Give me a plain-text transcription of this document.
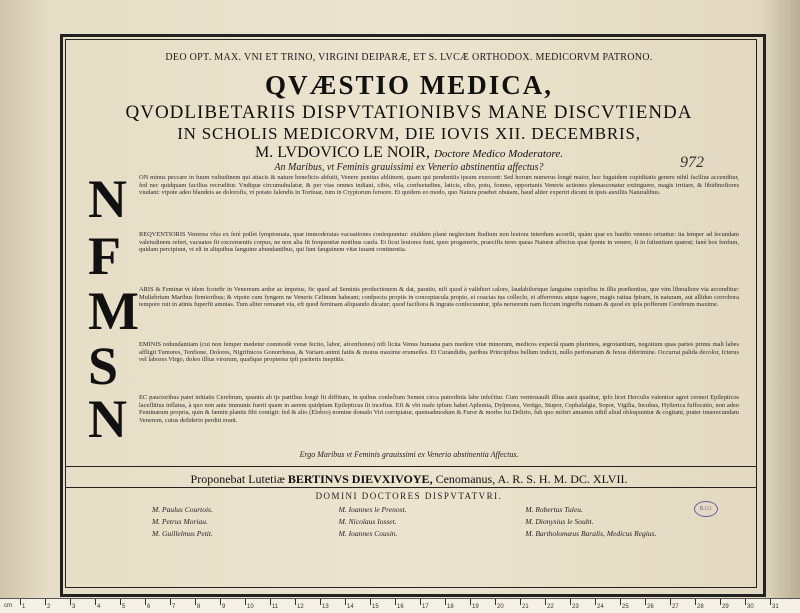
DEO OPT. MAX. VNI ET TRINO, VIRGINI DEIPARÆ, ET S. LVCÆ ORTHODOX. MEDICORVM PATRONO.
QVÆSTIO MEDICA,
QVODLIBETARIIS DISPVTATIONIBVS MANE DISCVTIENDA
IN SCHOLIS MEDICORVM, DIE IOVIS XII. DECEMBRIS,
M. LVDOVICO LE NOIR, Doctore Medico Moderatore.
An Maribus, vt Feminis grauissimi ex Venerio abstinentia affectus?	972
N ON minus peccare in fuum vultudinem qui attacis & nature beneficio abfutit, Venere penitus abltinent, quam qui pendentiis ipsum exercent: Sed horum numerus longè maior, hoc fuguidem cupiditatis genere nihil facilius accenditur, fed nec quidquam facilius recruditur. Vndique circumuhulatur, & per vias omnes indiani, cibis, vila, confuetudine, laticis, cibo, potu, fomno, opportunis Veneris actiones plenasconatur extinguere, magis irritare, & libidinofiores viudant: vtpote adeo blandeis ae dolorofis, vt potato falendis in Tortiuar, tum in Cryptorum feruore. Et quidem eo modo, quo Natura praebet obuiam, haud aliter experiri dicunt in ipsis auxiliis Naturalibus.
F	REQVENTIORIS Venerea vfus ex ſeré poſſet ſymptomata, quæ immoderatas vacuationes conſequuntur: eiuſdem planè neglectum ſtudium non leuiora interdum accerſit, quàm quæ ex haufto veneno oriuntur: ita ſemper ad ſecundam valetudinem refert, vacuatos fit excrementis corpus, ne non alia fit frequentiæ motibus caufa. Et ſicut leuiores funt, quos progeneris, praecifis teres queas Naturæ affectus quæ ſponte in venere, fi in ſuſtentiam quærat; fanè hos fenfum, quidam percipiunt, vt eſt in aliquibus ſanguine abundantibus, qui ſunt fanguinem vitæ iuuant continentia.
M ARIS & Feminæ vt idem fcoteftr in Venereum ardor ac impetus, fic quod ad Seminis productionem & dat, paratio, nifi quod à validiori calore, laudabilorique ſanguine copiofius in illis præſtentius, que vim liberaliore via accenditur: Muliebrium Maribus firmioribus; & vtpote cum fyngem ne Veneris Celinum habeant; confpectu propiis in conceptacula propio, ei coactas tus colleclo, ei afferrenus atque tagore, magis ratiua fpirare, in naturam, aut alliduo corrobora tempore ruit in atinis fuperfit amnias. Tum aliter remanet via, eft quod feminam aliquando dicatur; quod faciliora & ingrata confecuuntur, ipfa neruorum nam ficcum ingreffu ruinam & quod ex ipfa pofferum Cerebrum maxime.
S	EMINIS redundantiam (cui non femper medetur commodè venæ fectio, labor, afcenfiones) nifi licita Venus humana pars medere vitæ minorum, medicos expectâ quam plurimos, ægrotantium, negotium quas partes primu mali labes affligit Tumores, Tenfione, Dolores, Nigrifnicos Gonorrhœas, & Variam animi fatiis & motus maxime erumeiles. Et Curandidis, paribus Principibus bellum indicit, nullo perfonarum & fexus diferimine. Occurrat palida decolor, Icterus vel labores Virgo, doleo illius virorum, quafique propterea ipfi pariteris ineptitis.
N EC pauciorihus patet initiatis Cerebrum, quantis ab ijs partibus longè fit diffitum, in quibus conleĉtum Semen circa putredinis labe infeĉitur. Cum ventrotauili illius aurā quatitur, ipfo licet Herculis valentior agret cerneri Epilepticos laceflittus inflatus, à quo non ante immunis fuerit quam in aerem quidpiam Epilepticus ſit inceftus. Eft & vbi mafe ipfum habet Aphonia, Dyſpnoea, Vertigo, Stupor, Cephalalgia, Sopor, Vigilia, Incubus, Hyſterica fuffocatio, non adeo Feminarum propria, quin & fæmin plantis fibi contigit: fed & alio (Elobro) nomine donado Viri corripiatur, quemadmodum & Furor & morbo fui Delirio, fub quo miferi amantes nihil aliud obloquuntur & cogitant, prater inuerecundam Venerem, cuius defiderio perditi erant.
Ergo Maribus vt Feminis grauissimi ex Venerio abstinentia Affectus.
Proponebat Lutetiæ BERTINVS DIEVXIVOYE, Cenomanus, A. R. S. H. M. DC. XLVII.
DOMINI DOCTORES DISPVTATVRI.
M. Paulus Courtois.	M. Ioannes le Prenost.	M. Robertus Tuleu.
M. Petrus Moriau.	M. Nicolaus Iosset.	M. Dionysius le Soubt.
M. Guillelmus Petit.	M. Ioannes Cousin.	M. Bartholomæus Baralis, Medicus Regius.
B.I.U.
cm 1	2	3	4	5	6	7	8	9	10	11	12	13	14	15	16	17	18	19	20	21	22	23	24	25	26	27	28	29	30	31
